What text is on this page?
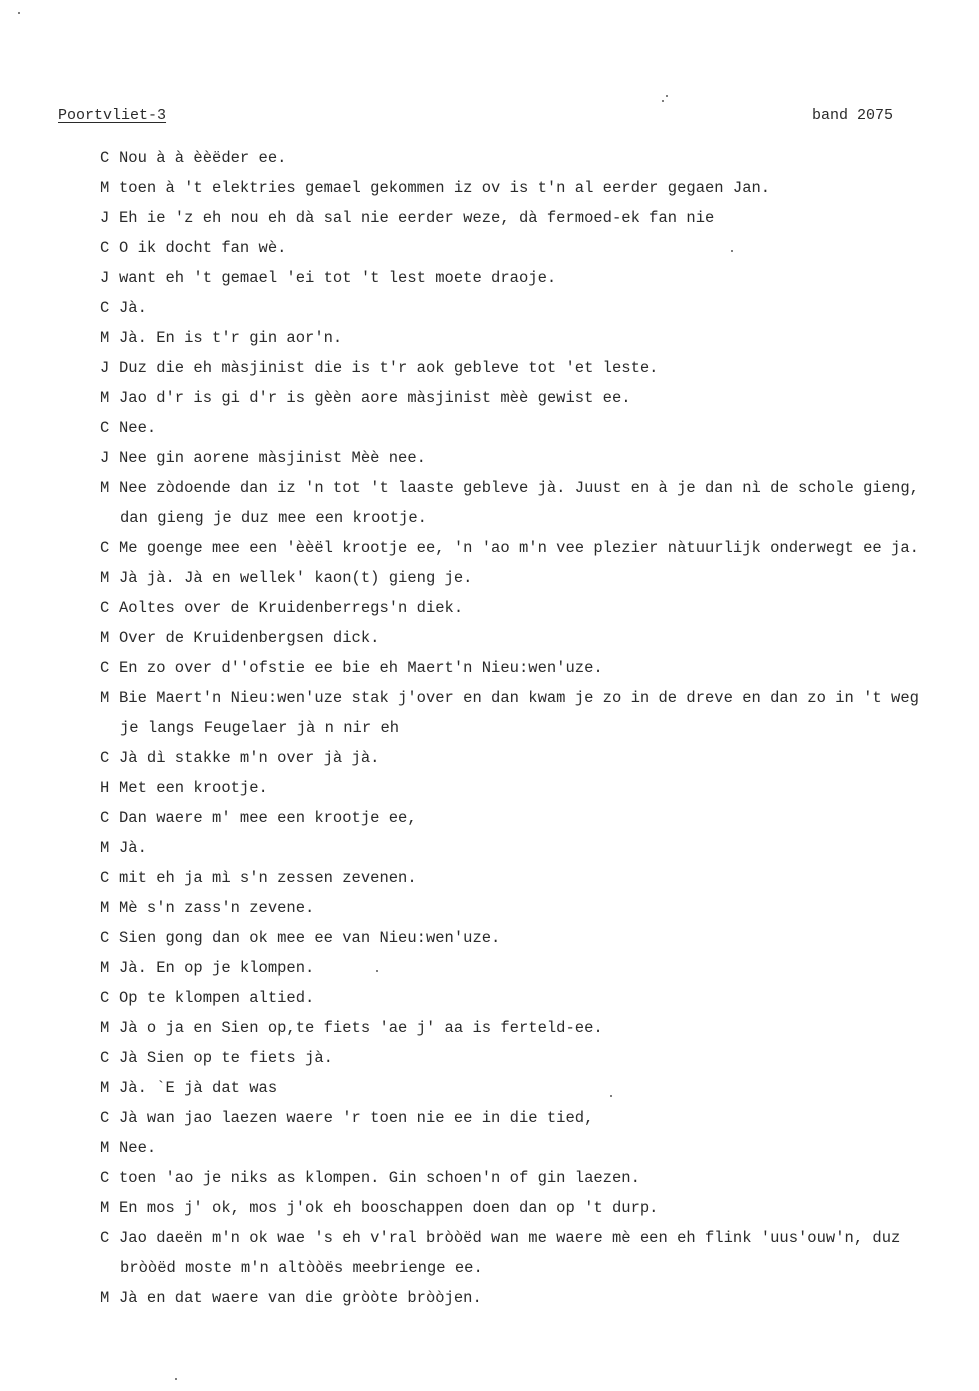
Poortvliet-3	band 2075
C Nou à à èèëder ee.
M toen à 't elektries gemael gekommen iz ov is t'n al eerder gegaen Jan.
J Eh ie 'z eh nou eh dà sal nie eerder weze, dà fermoed-ek fan nie
C O ik docht fan wè.
J want eh 't gemael 'ei tot 't lest moete draoje.
C Jà.
M Jà. En is t'r gin aor'n.
J Duz die eh màsjinist die is t'r aok gebleve tot 'et leste.
M Jao d'r is gi d'r is gèèn aore màsjinist mèè gewist ee.
C Nee.
J Nee gin aorene màsjinist Mèè nee.
M Nee zòdoende dan iz 'n tot 't laaste gebleve jà. Juust en à je dan nì de schole gieng,
dan gieng je duz mee een krootje.
C Me goenge mee een 'èèël krootje ee, 'n 'ao m'n vee plezier nàtuurlijk onderwegt ee ja.
M Jà jà. Jà en wellek' kaon(t) gieng je.
C Aoltes over de Kruidenberregs'n diek.
M Over de Kruidenbergsen dick.
C En zo over d''ofstie ee bie eh Maert'n Nieu:wen'uze.
M Bie Maert'n Nieu:wen'uze stak j'over en dan kwam je zo in de dreve en dan zo in 't weg
je langs Feugelaer jà n nir eh
C Jà dì stakke m'n over jà jà.
H Met een krootje.
C Dan waere m' mee een krootje ee,
M Jà.
C mit eh ja mì s'n zessen zevenen.
M Mè s'n zass'n zevene.
C Sien gong dan ok mee ee van Nieu:wen'uze.
M Jà. En op je klompen.
C Op te klompen altied.
M Jà o ja en Sien op,te fiets 'ae j' aa is ferteld-ee.
C Jà Sien op te fiets jà.
M Jà. `E jà dat was
C Jà wan jao laezen waere 'r toen nie ee in die tied,
M Nee.
C toen 'ao je niks as klompen. Gin schoen'n of gin laezen.
M En mos j' ok, mos j'ok eh booschappen doen dan op 't durp.
C Jao daeën m'n ok wae 's eh v'ral bròòëd wan me waere mè een eh flink 'uus'ouw'n, duz
bròòëd moste m'n altòòës meebrienge ee.
M Jà en dat waere van die gròòte bròòjen.
